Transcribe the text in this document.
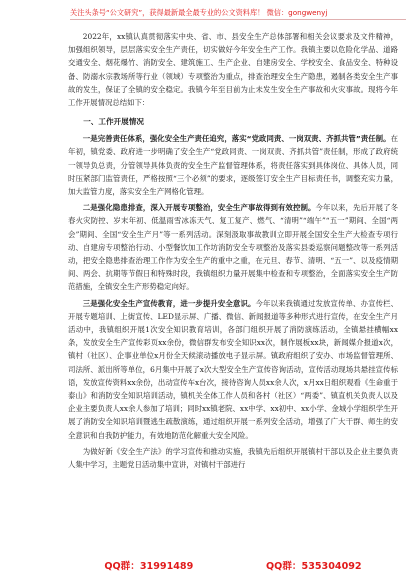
关注头条号“公文研究”，获得最新最全最专业的公文资料库！ 微信：gongwenyj

2022年，xx镇认真贯彻落实中央、省、市、县安全生产总体部署和相关会议要求及文件精神，加强组织领导，层层落实安全生产责任，切实做好今年安全生产工作。我镇主要以危险化学品、道路交通安全、烟花爆竹、消防安全、建筑施工、生产企业、自建房安全、学校安全、食品安全、特种设备、防溺水宗教场所等行业（领域）专项整治为重点，排查治理安全生产隐患，遏制各类安全生产事故的发生，保证了全镇的安全稳定。我镇今年至目前为止未发生安全生产事故和火灾事故。现将今年工作开展情况总结如下：

一、工作开展情况

一是完善责任体系，强化安全生产责任追究，落实“党政同责、一岗双责、齐抓共管”责任制。在年初，镇党委、政府进一步明确了安全生产“党政同责、一岗双责、齐抓共管”责任制，形成了政府统一领导负总责，分管领导具体负责的安全生产监督管理体系，将责任落实到具体岗位、具体人员，同时压紧部门监管责任，严格按照“三个必须”的要求，逐级签订安全生产目标责任书，调整充实力量，加大监管力度，落实安全生产网格化管理。

二是强化隐患排查，深入开展专项整治，安全生产事故得到有效控制。今年以来，先后开展了冬春火灾防控、岁末年初、低温雨雪冰冻天气、复工复产、燃气、“清明”“端午”“五一”期间、全国“两会”期间、全国“安全生产月”等一系列活动。深刻汲取事故教训立即开展全国安全生产大检查专项行动、自建房专项整治行动、小型餐饮加工作坊消防安全专项整治及落实县委巡察问题整改等一系列活动，把安全隐患排查治理工作作为安全生产的重中之重，在元旦、春节、清明、“五一”、以及疫情期间、两会、抗期等节假日和特殊时段，我镇组织力量开展集中检查和专项整治，全面落实安全生产防范措施，全镇安全生产形势稳定向好。

三是强化安全生产宣传教育，进一步提升安全意识。今年以来我镇通过发放宣传单、办宣传栏、开展专题培训、上街宣传、LED显示屏、广播、微信、新闻报道等多种形式进行宣传，在安全生产月活动中，我镇组织开展1次安全知识教育培训，各部门组织开展了消防演练活动，全镇悬挂横幅xx条，发放安全生产宣传彩页xx余份，微信群发布安全知识xx次，制作展板xx块，新闻媒介报道x次，镇村（社区）、企事业单位x月份全天候滚动播放电子显示屏。镇政府组织了安办、市场监督管理所、司法所、派出所等单位，6月集中开展了x次大型安全生产宣传咨询活动，宣传活动现场共悬挂宣传标语，发放宣传资料xx余份，出动宣传车x台次，接待咨询人员xx余人次，x月xx日组织观看《生命重于泰山》和消防安全知识培训活动，镇机关全体工作人员和各村（社区）“两委”、镇直机关负责人以及企业主要负责人xx余人参加了培训；同时xx镇老院、xx中学、xx初中、xx小学、金城小学组织学生开展了消防安全知识培训暨逃生疏散演练，通过组织开展一系列安全活动，增强了广大干群、师生的安全意识和自我防护能力，有效地防范化解重大安全风险。

为做好新《安全生产法》的学习宣传和推动实施，我镇先后组织开展镇村干部以及企业主要负责人集中学习，主题党日活动集中宣讲，对镇村干部进行

QQ群：31991489	QQ群：535304092
